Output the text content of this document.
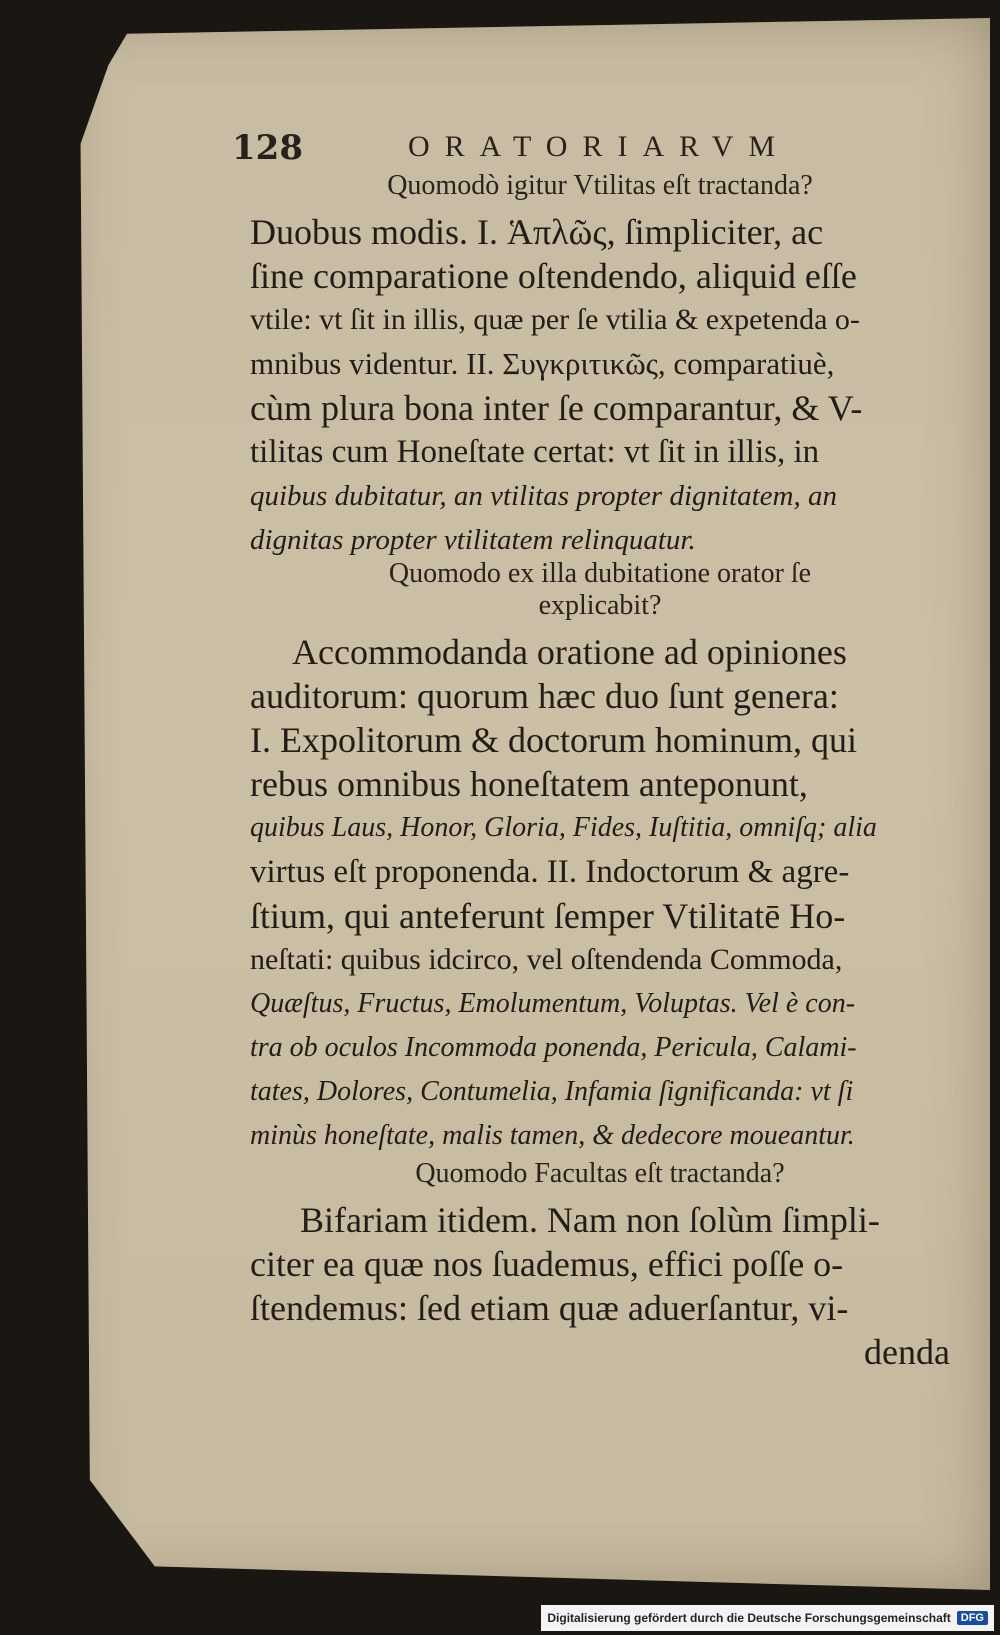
128	ORATORIARVM
Quomodò igitur Vtilitas eſt tractanda?
Duobus modis. I. Ἁπλῶς, ſimpliciter, ac
ſine comparatione oſtendendo, aliquid eſſe
vtile: vt ſit in illis, quæ per ſe vtilia & expetenda o-
mnibus videntur. II. Συγκριτικῶς, comparatiuè,
cùm plura bona inter ſe comparantur, & V-
tilitas cum Honeſtate certat: vt ſit in illis, in
quibus dubitatur, an vtilitas propter dignitatem, an
dignitas propter vtilitatem relinquatur.
Quomodo ex illa dubitatione orator ſe
explicabit?
Accommodanda oratione ad opiniones
auditorum: quorum hæc duo ſunt genera:
I. Expolitorum & doctorum hominum, qui
rebus omnibus honeſtatem anteponunt,
quibus Laus, Honor, Gloria, Fides, Iuſtitia, omniſq; alia
virtus eſt proponenda. II. Indoctorum & agre-
ſtium, qui anteferunt ſemper Vtilitatē Ho-
neſtati: quibus idcirco, vel oſtendenda Commoda,
Quæſtus, Fructus, Emolumentum, Voluptas. Vel è con-
tra ob oculos Incommoda ponenda, Pericula, Calami-
tates, Dolores, Contumelia, Infamia ſignificanda: vt ſi
minùs honeſtate, malis tamen, & dedecore moueantur.
Quomodo Facultas eſt tractanda?
Bifariam itidem. Nam non ſolùm ſimpli-
citer ea quæ nos ſuademus, effici poſſe o-
ſtendemus: ſed etiam quæ aduerſantur, vi-
denda
Digitalisierung gefördert durch die Deutsche Forschungsgemeinschaft DFG
